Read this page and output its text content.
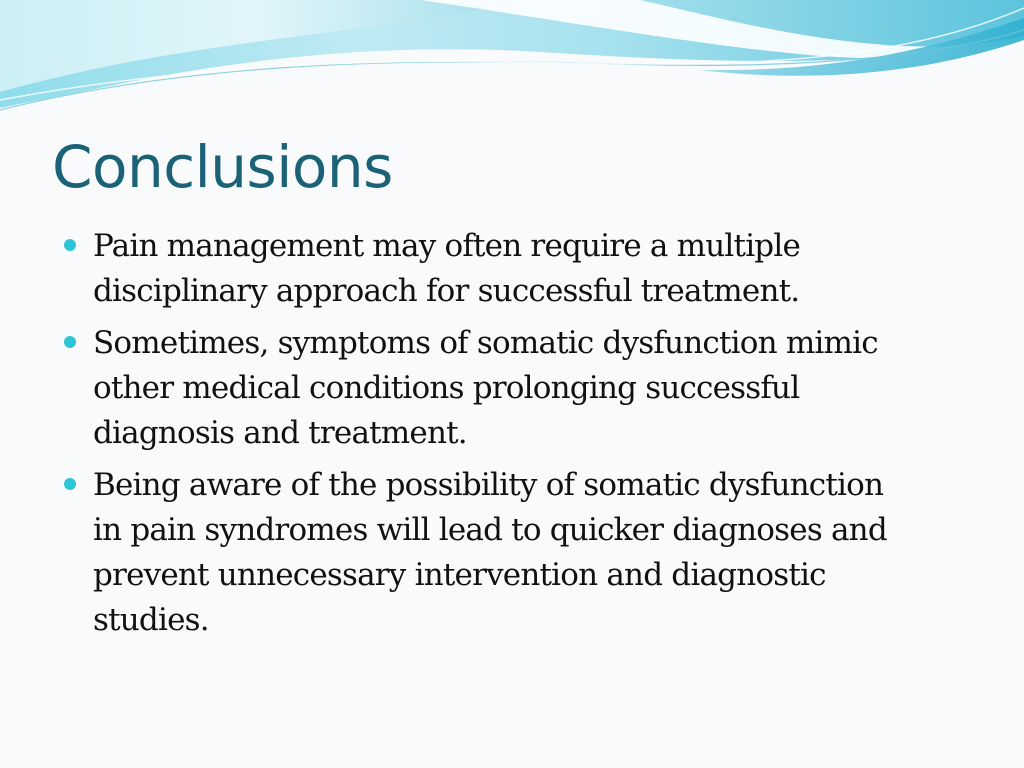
Conclusions
Pain management may often require a multiple
disciplinary approach for successful treatment.
Sometimes, symptoms of somatic dysfunction mimic
other medical conditions prolonging successful
diagnosis and treatment.
Being aware of the possibility of somatic dysfunction
in pain syndromes will lead to quicker diagnoses and
prevent unnecessary intervention and diagnostic
studies.
